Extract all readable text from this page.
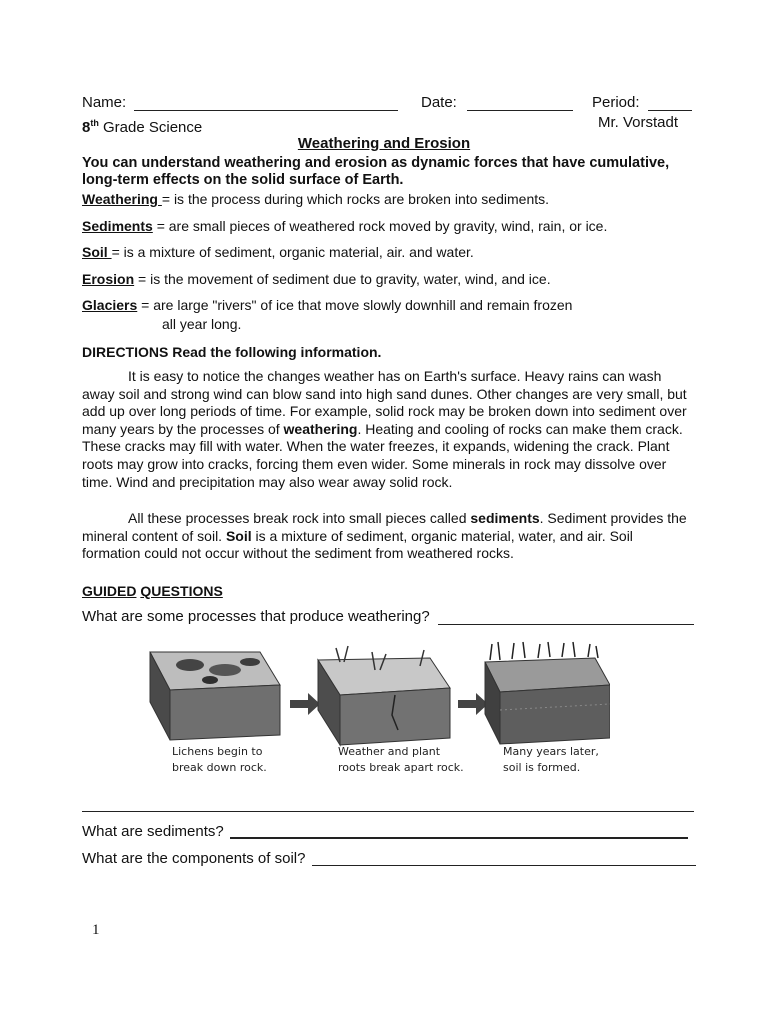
Name:	Date:	Period:
8th Grade Science	Mr. Vorstadt
Weathering and Erosion
You can understand weathering and erosion as dynamic forces that have cumulative, long-term effects on the solid surface of Earth.
Weathering = is the process during which rocks are broken into sediments.
Sediments = are small pieces of weathered rock moved by gravity, wind, rain, or ice.
Soil = is a mixture of sediment, organic material, air. and water.
Erosion = is the movement of sediment due to gravity, water, wind, and ice.
Glaciers = are large "rivers" of ice that move slowly downhill and remain frozen
all year long.
DIRECTIONS Read the following information.

It is easy to notice the changes weather has on Earth's surface. Heavy rains can wash away soil and strong wind can blow sand into high sand dunes. Other changes are very small, but add up over long periods of time. For example, solid rock may be broken down into sediment over many years by the processes of weathering. Heating and cooling of rocks can make them crack. These cracks may fill with water. When the water freezes, it expands, widening the crack. Plant roots may grow into cracks, forcing them even wider. Some minerals in rock may dissolve over time. Wind and precipitation may also wear away solid rock.

All these processes break rock into small pieces called sediments. Sediment provides the mineral content of soil. Soil is a mixture of sediment, organic material, water, and air. Soil formation could not occur without the sediment from weathered rocks.

GUIDED QUESTIONS
What are some processes that produce weathering?
Lichens begin to
break down rock.
Weather and plant
roots break apart rock.
Many years later,
soil is formed.
What are sediments?
What are the components of soil?
1
